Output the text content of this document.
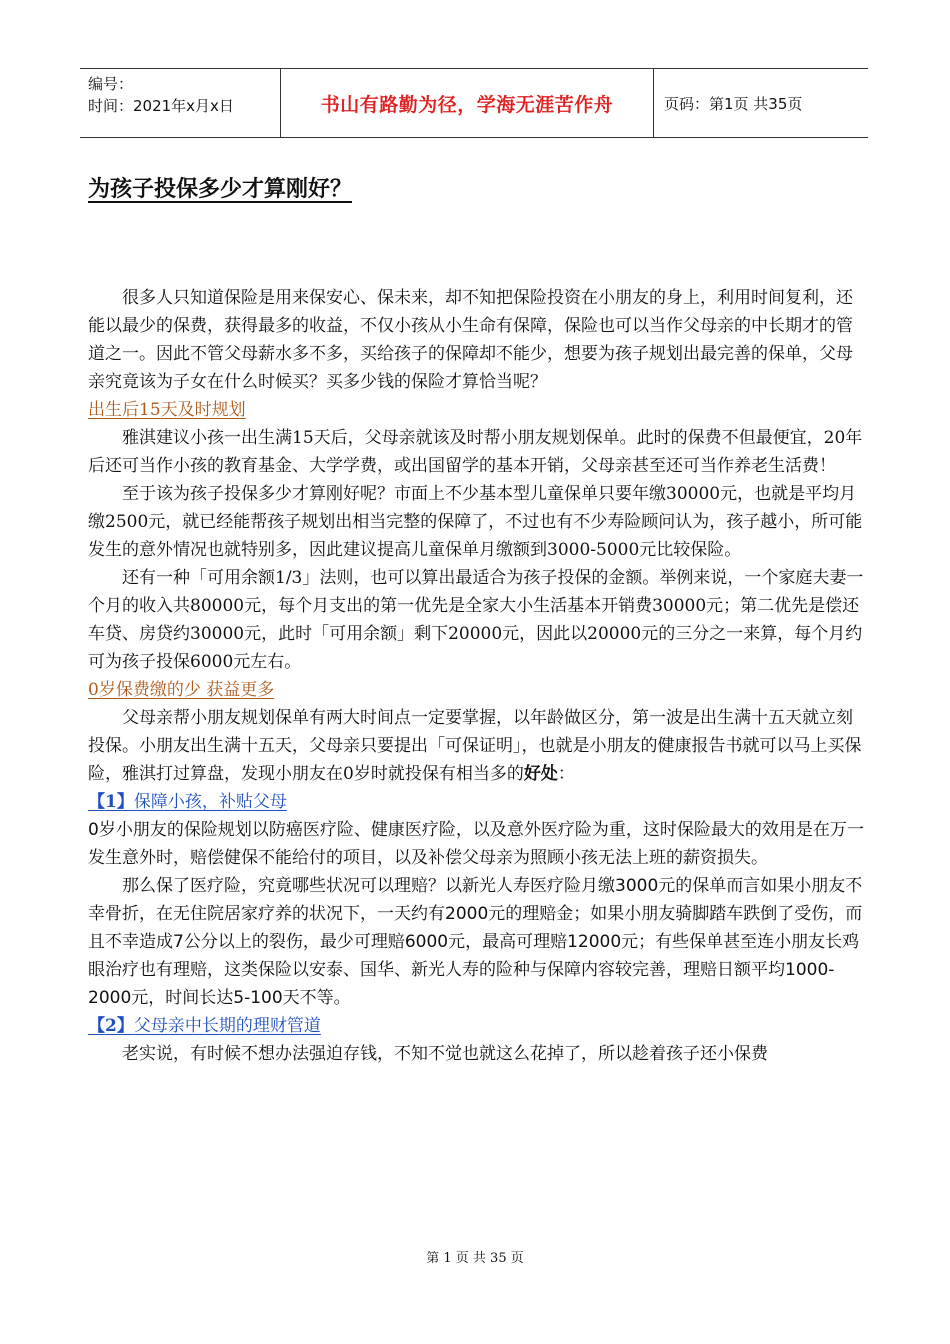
编号：
时间：2021年x月x日	书山有路勤为径，学海无涯苦作舟	页码：第1页 共35页
为孩子投保多少才算刚好？

很多人只知道保险是用来保安心、保未来，却不知把保险投资在小朋友的身上，利用时间复利，还能以最少的保费，获得最多的收益，不仅小孩从小生命有保障，保险也可以当作父母亲的中长期才的管道之一。因此不管父母薪水多不多，买给孩子的保障却不能少，想要为孩子规划出最完善的保单，父母亲究竟该为子女在什么时候买？买多少钱的保险才算恰当呢？

出生后15天及时规划

雅淇建议小孩一出生满15天后，父母亲就该及时帮小朋友规划保单。此时的保费不但最便宜，20年后还可当作小孩的教育基金、大学学费，或出国留学的基本开销，父母亲甚至还可当作养老生活费！

至于该为孩子投保多少才算刚好呢？市面上不少基本型儿童保单只要年缴30000元，也就是平均月缴2500元，就已经能帮孩子规划出相当完整的保障了，不过也有不少寿险顾问认为，孩子越小，所可能发生的意外情况也就特别多，因此建议提高儿童保单月缴额到3000-5000元比较保险。

还有一种「可用余额1/3」法则，也可以算出最适合为孩子投保的金额。举例来说，一个家庭夫妻一个月的收入共80000元，每个月支出的第一优先是全家大小生活基本开销费30000元；第二优先是偿还车贷、房贷约30000元，此时「可用余额」剩下20000元，因此以20000元的三分之一来算，每个月约可为孩子投保6000元左右。

0岁保费缴的少 获益更多

父母亲帮小朋友规划保单有两大时间点一定要掌握，以年龄做区分，第一波是出生满十五天就立刻投保。小朋友出生满十五天，父母亲只要提出「可保证明」，也就是小朋友的健康报告书就可以马上买保险，雅淇打过算盘，发现小朋友在0岁时就投保有相当多的好处：

【1】保障小孩，补贴父母

0岁小朋友的保险规划以防癌医疗险、健康医疗险，以及意外医疗险为重，这时保险最大的效用是在万一发生意外时，赔偿健保不能给付的项目，以及补偿父母亲为照顾小孩无法上班的薪资损失。

那么保了医疗险，究竟哪些状况可以理赔？以新光人寿医疗险月缴3000元的保单而言如果小朋友不幸骨折，在无住院居家疗养的状况下，一天约有2000元的理赔金；如果小朋友骑脚踏车跌倒了受伤，而且不幸造成7公分以上的裂伤，最少可理赔6000元，最高可理赔12000元；有些保单甚至连小朋友长鸡眼治疗也有理赔，这类保险以安泰、国华、新光人寿的险种与保障内容较完善，理赔日额平均1000-2000元，时间长达5-100天不等。

【2】父母亲中长期的理财管道

老实说，有时候不想办法强迫存钱，不知不觉也就这么花掉了，所以趁着孩子还小保费

第 1 页 共 35 页
